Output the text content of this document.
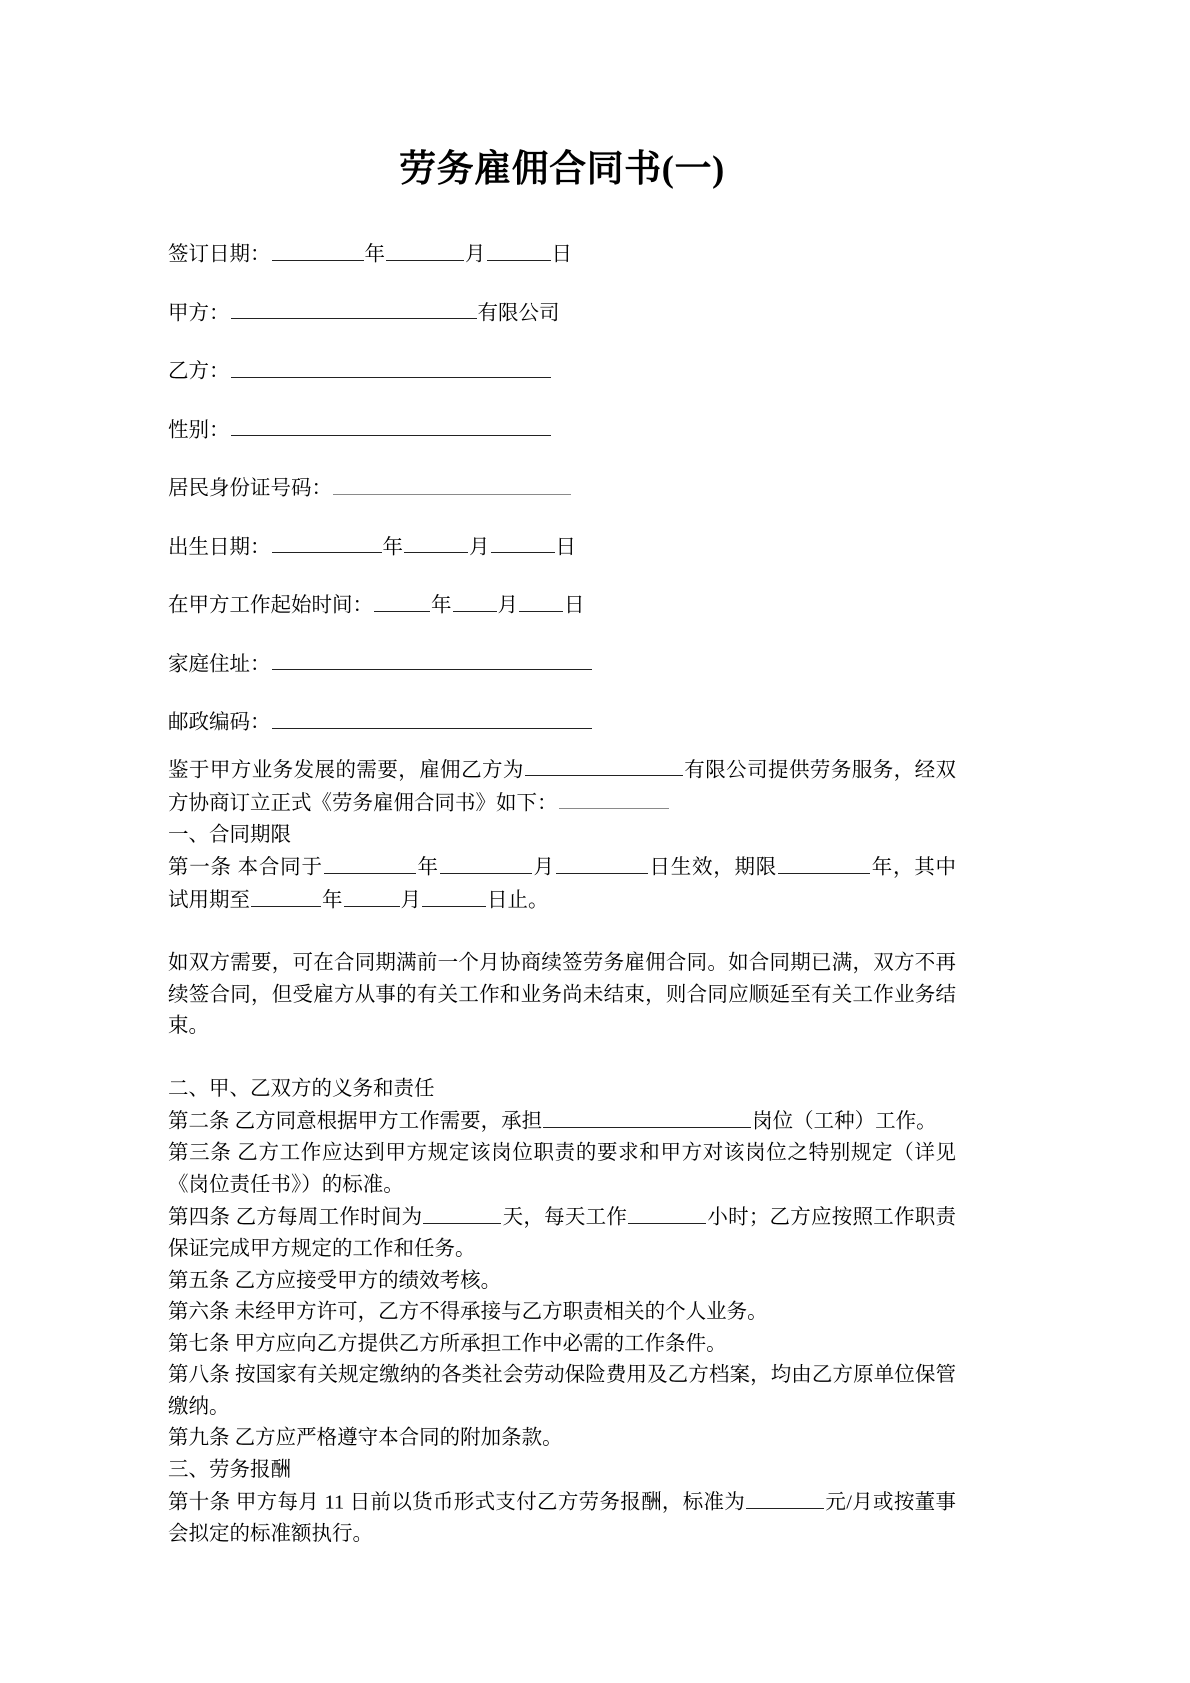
劳务雇佣合同书(一)
签订日期：	年	月	日
甲方：	有限公司
乙方：
性别：
居民身份证号码：
出生日期：	年	月	日
在甲方工作起始时间：	年 月 日
家庭住址：
邮政编码：

鉴于甲方业务发展的需要，雇佣乙方为	有限公司提供劳务服务，经双方协商订立正式《劳务雇佣合同书》如下：

一、合同期限

第一条 本合同于	年	月	日生效，期限	年，其中试用期至	年	月	日止。

如双方需要，可在合同期满前一个月协商续签劳务雇佣合同。如合同期已满，双方不再续签合同，但受雇方从事的有关工作和业务尚未结束，则合同应顺延至有关工作业务结束。

二、甲、乙双方的义务和责任

第二条 乙方同意根据甲方工作需要，承担	岗位（工种）工作。

第三条 乙方工作应达到甲方规定该岗位职责的要求和甲方对该岗位之特别规定（详见《岗位责任书》）的标准。

第四条 乙方每周工作时间为	天，每天工作	小时；乙方应按照工作职责保证完成甲方规定的工作和任务。

第五条 乙方应接受甲方的绩效考核。

第六条 未经甲方许可，乙方不得承接与乙方职责相关的个人业务。

第七条 甲方应向乙方提供乙方所承担工作中必需的工作条件。

第八条 按国家有关规定缴纳的各类社会劳动保险费用及乙方档案，均由乙方原单位保管缴纳。

第九条 乙方应严格遵守本合同的附加条款。

三、劳务报酬

第十条 甲方每月 11 日前以货币形式支付乙方劳务报酬，标准为	元/月或按董事会拟定的标准额执行。
